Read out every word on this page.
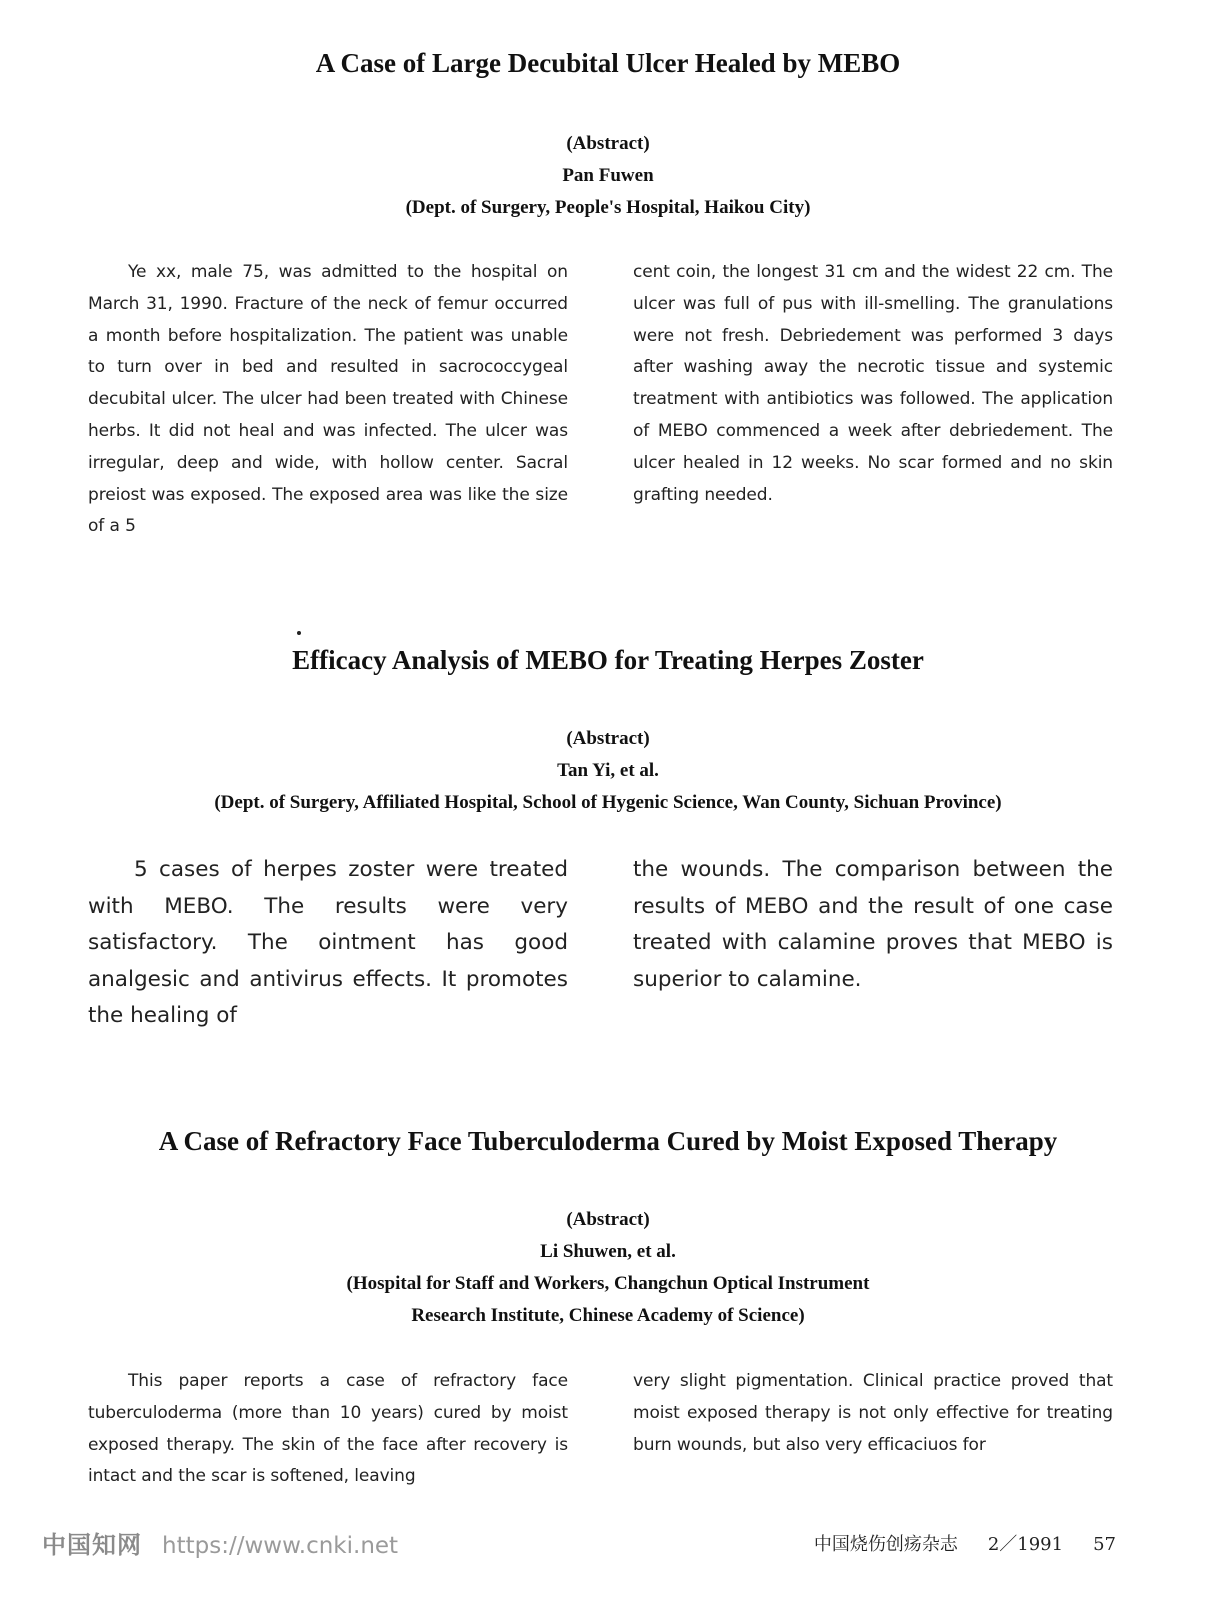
A Case of Large Decubital Ulcer Healed by MEBO
(Abstract)
Pan Fuwen
(Dept. of Surgery, People's Hospital, Haikou City)

Ye xx, male 75, was admitted to the hospital on March 31, 1990. Fracture of the neck of femur occurred a month before hospitalization. The patient was unable to turn over in bed and resulted in sacrococcygeal decubital ulcer. The ulcer had been treated with Chinese herbs. It did not heal and was infected. The ulcer was irregular, deep and wide, with hollow center. Sacral preiost was exposed. The exposed area was like the size of a 5

cent coin, the longest 31 cm and the widest 22 cm. The ulcer was full of pus with ill-smelling. The granulations were not fresh. Debriedement was performed 3 days after washing away the necrotic tissue and systemic treatment with antibiotics was followed. The application of MEBO commenced a week after debriedement. The ulcer healed in 12 weeks. No scar formed and no skin grafting needed.

Efficacy Analysis of MEBO for Treating Herpes Zoster
(Abstract)
Tan Yi, et al.
(Dept. of Surgery, Affiliated Hospital, School of Hygenic Science, Wan County, Sichuan Province)

5 cases of herpes zoster were treated with MEBO. The results were very satisfactory. The ointment has good analgesic and antivirus effects. It promotes the healing of

the wounds. The comparison between the results of MEBO and the result of one case treated with calamine proves that MEBO is superior to calamine.

A Case of Refractory Face Tuberculoderma Cured by Moist Exposed Therapy
(Abstract)
Li Shuwen, et al.
(Hospital for Staff and Workers, Changchun Optical Instrument
Research Institute, Chinese Academy of Science)

This paper reports a case of refractory face tuberculoderma (more than 10 years) cured by moist exposed therapy. The skin of the face after recovery is intact and the scar is softened, leaving

very slight pigmentation. Clinical practice proved that moist exposed therapy is not only effective for treating burn wounds, but also very efficaciuos for

中国知网 https://www.cnki.net	中国烧伤创疡杂志 2／1991 57
